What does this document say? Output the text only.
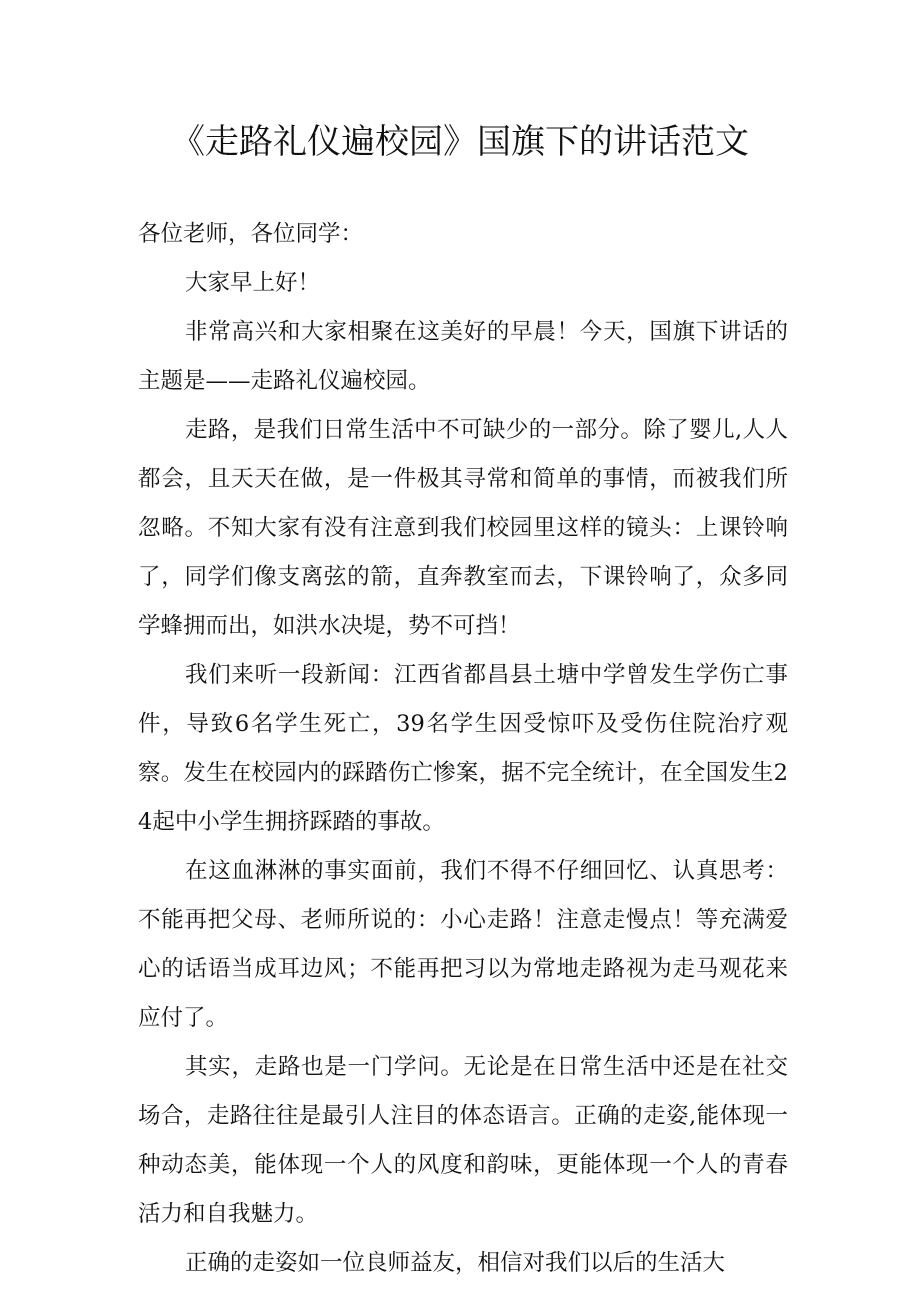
《走路礼仪遍校园》国旗下的讲话范文

各位老师，各位同学：

大家早上好！

非常高兴和大家相聚在这美好的早晨！今天，国旗下讲话的主题是——走路礼仪遍校园。

走路，是我们日常生活中不可缺少的一部分。除了婴儿,人人都会，且天天在做，是一件极其寻常和简单的事情，而被我们所忽略。不知大家有没有注意到我们校园里这样的镜头：上课铃响了，同学们像支离弦的箭，直奔教室而去，下课铃响了，众多同学蜂拥而出，如洪水决堤，势不可挡！

我们来听一段新闻：江西省都昌县土塘中学曾发生学伤亡事件，导致6名学生死亡，39名学生因受惊吓及受伤住院治疗观察。发生在校园内的踩踏伤亡惨案，据不完全统计，在全国发生24起中小学生拥挤踩踏的事故。

在这血淋淋的事实面前，我们不得不仔细回忆、认真思考：不能再把父母、老师所说的：小心走路！注意走慢点！等充满爱心的话语当成耳边风；不能再把习以为常地走路视为走马观花来应付了。

其实，走路也是一门学问。无论是在日常生活中还是在社交场合，走路往往是最引人注目的体态语言。正确的走姿,能体现一种动态美，能体现一个人的风度和韵味，更能体现一个人的青春活力和自我魅力。

正确的走姿如一位良师益友，相信对我们以后的生活大
